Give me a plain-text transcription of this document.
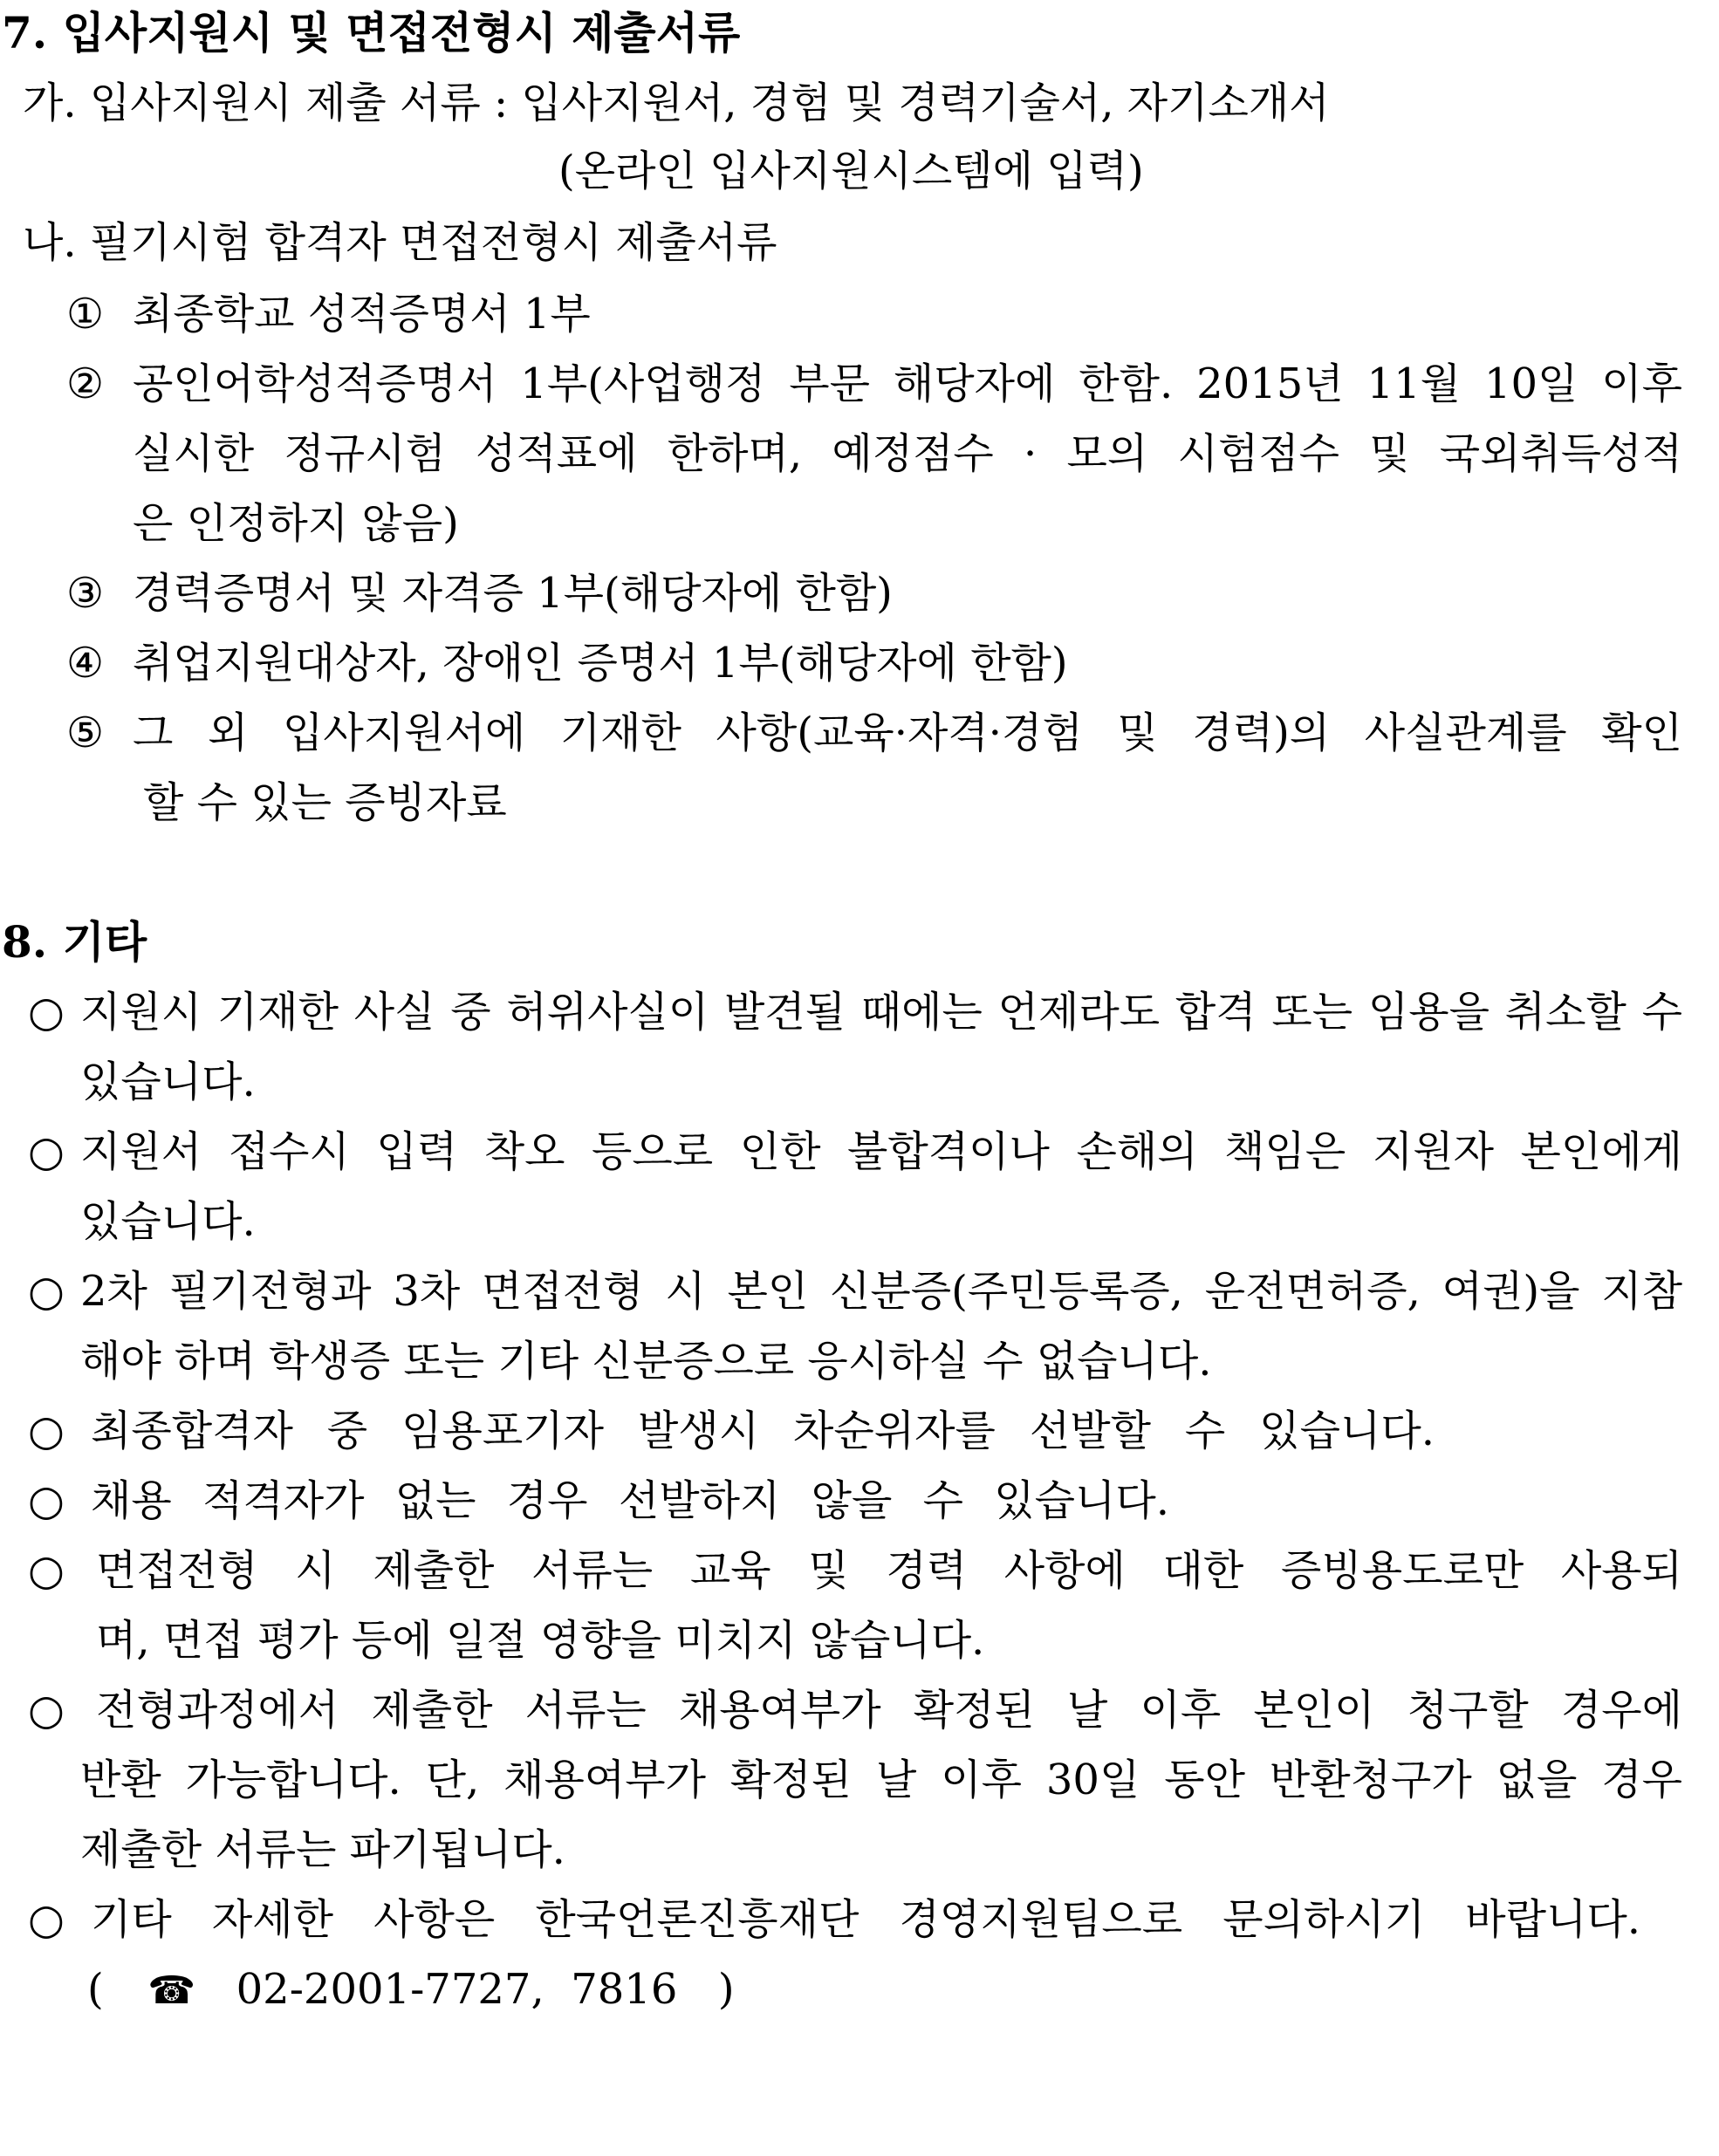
7. 입사지원시 및 면접전형시 제출서류
가. 입사지원시 제출 서류 : 입사지원서, 경험 및 경력기술서, 자기소개서
(온라인 입사지원시스템에 입력)
나. 필기시험 합격자 면접전형시 제출서류
① 최종학교 성적증명서 1부
② 공인어학성적증명서 1부(사업행정 부문 해당자에 한함. 2015년 11월 10일 이후
실시한 정규시험 성적표에 한하며, 예정점수 · 모의 시험점수 및 국외취득성적
은 인정하지 않음)
③ 경력증명서 및 자격증 1부(해당자에 한함)
④ 취업지원대상자, 장애인 증명서 1부(해당자에 한함)
⑤ 그 외 입사지원서에 기재한 사항(교육·자격·경험 및 경력)의 사실관계를 확인
할 수 있는 증빙자료
8. 기타
○ 지원시 기재한 사실 중 허위사실이 발견될 때에는 언제라도 합격 또는 임용을 취소할 수
있습니다.
○ 지원서 접수시 입력 착오 등으로 인한 불합격이나 손해의 책임은 지원자 본인에게
있습니다.
○ 2차 필기전형과 3차 면접전형 시 본인 신분증(주민등록증, 운전면허증, 여권)을 지참
해야 하며 학생증 또는 기타 신분증으로 응시하실 수 없습니다.
○ 최종합격자 중 임용포기자 발생시 차순위자를 선발할 수 있습니다.
○ 채용 적격자가 없는 경우 선발하지 않을 수 있습니다.
○ 면접전형 시 제출한 서류는 교육 및 경력 사항에 대한 증빙용도로만 사용되
며, 면접 평가 등에 일절 영향을 미치지 않습니다.
○ 전형과정에서 제출한 서류는 채용여부가 확정된 날 이후 본인이 청구할 경우에
반환 가능합니다. 단, 채용여부가 확정된 날 이후 30일 동안 반환청구가 없을 경우
제출한 서류는 파기됩니다.
○ 기타 자세한 사항은 한국언론진흥재단 경영지원팀으로 문의하시기 바랍니다.
( ☎ 02-2001-7727,  7816 )
